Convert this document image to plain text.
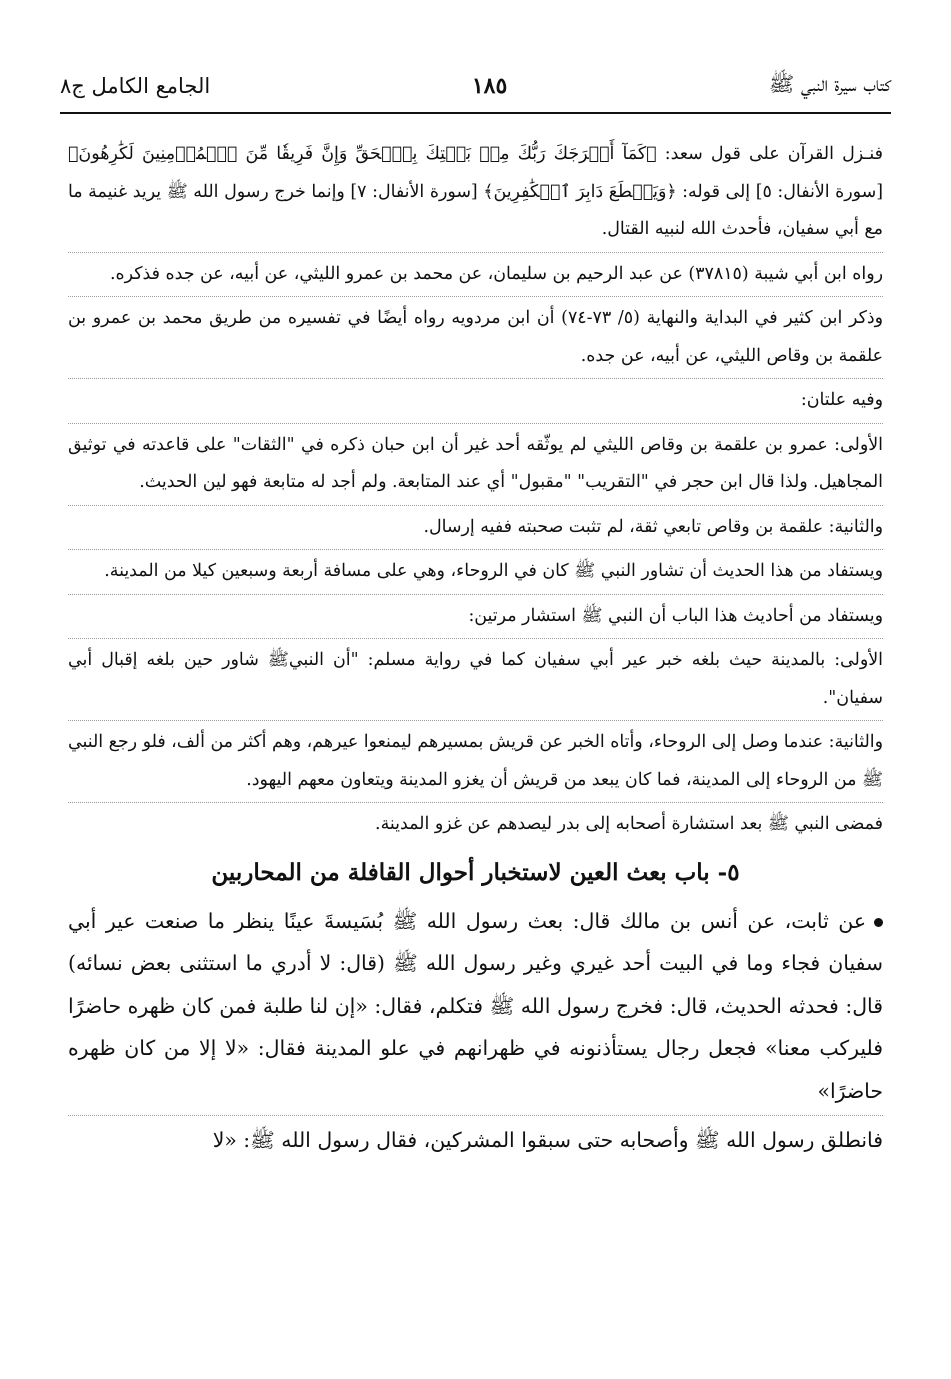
كتاب سيرة النبي ﷺ
١٨٥
الجامع الكامل ج٨

فنـزل القرآن على قول سعد: ﴿كَمَآ أَخۡرَجَكَ رَبُّكَ مِنۢ بَيۡتِكَ بِٱلۡحَقِّ وَإِنَّ فَرِيقٗا مِّنَ ٱلۡمُؤۡمِنِينَ لَكَٰرِهُونَ﴾ [سورة الأنفال: ٥] إلى قوله: ﴿وَيَقۡطَعَ دَابِرَ ٱلۡكَٰفِرِينَ﴾ [سورة الأنفال: ٧] وإنما خرج رسول الله ﷺ يريد غنيمة ما مع أبي سفيان، فأحدث الله لنبيه القتال.

رواه ابن أبي شيبة (٣٧٨١٥) عن عبد الرحيم بن سليمان، عن محمد بن عمرو الليثي، عن أبيه، عن جده فذكره.

وذكر ابن كثير في البداية والنهاية (٥/ ٧٣-٧٤) أن ابن مردويه رواه أيضًا في تفسيره من طريق محمد بن عمرو بن علقمة بن وقاص الليثي، عن أبيه، عن جده.

وفيه علتان:

الأولى: عمرو بن علقمة بن وقاص الليثي لم يوثّقه أحد غير أن ابن حبان ذكره في "الثقات" على قاعدته في توثيق المجاهيل. ولذا قال ابن حجر في "التقريب" "مقبول" أي عند المتابعة. ولم أجد له متابعة فهو لين الحديث.

والثانية: علقمة بن وقاص تابعي ثقة، لم تثبت صحبته ففيه إرسال.

ويستفاد من هذا الحديث أن تشاور النبي ﷺ كان في الروحاء، وهي على مسافة أربعة وسبعين كيلا من المدينة.

ويستفاد من أحاديث هذا الباب أن النبي ﷺ استشار مرتين:

الأولى: بالمدينة حيث بلغه خبر عير أبي سفيان كما في رواية مسلم: "أن النبيﷺ شاور حين بلغه إقبال أبي سفيان".

والثانية: عندما وصل إلى الروحاء، وأتاه الخبر عن قريش بمسيرهم ليمنعوا عيرهم، وهم أكثر من ألف، فلو رجع النبي ﷺ من الروحاء إلى المدينة، فما كان يبعد من قريش أن يغزو المدينة ويتعاون معهم اليهود.

فمضى النبي ﷺ بعد استشارة أصحابه إلى بدر ليصدهم عن غزو المدينة.

٥- باب بعث العين لاستخبار أحوال القافلة من المحاربين

عن ثابت، عن أنس بن مالك قال: بعث رسول الله ﷺ بُسَيسةَ عينًا ينظر ما صنعت عير أبي سفيان فجاء وما في البيت أحد غيري وغير رسول الله ﷺ (قال: لا أدري ما استثنى بعض نسائه) قال: فحدثه الحديث، قال: فخرج رسول الله ﷺ فتكلم، فقال: «إن لنا طلبة فمن كان ظهره حاضرًا فليركب معنا» فجعل رجال يستأذنونه في ظهرانهم في علو المدينة فقال: «لا إلا من كان ظهره حاضرًا»

فانطلق رسول الله ﷺ وأصحابه حتى سبقوا المشركين، فقال رسول الله ﷺ: «لا
